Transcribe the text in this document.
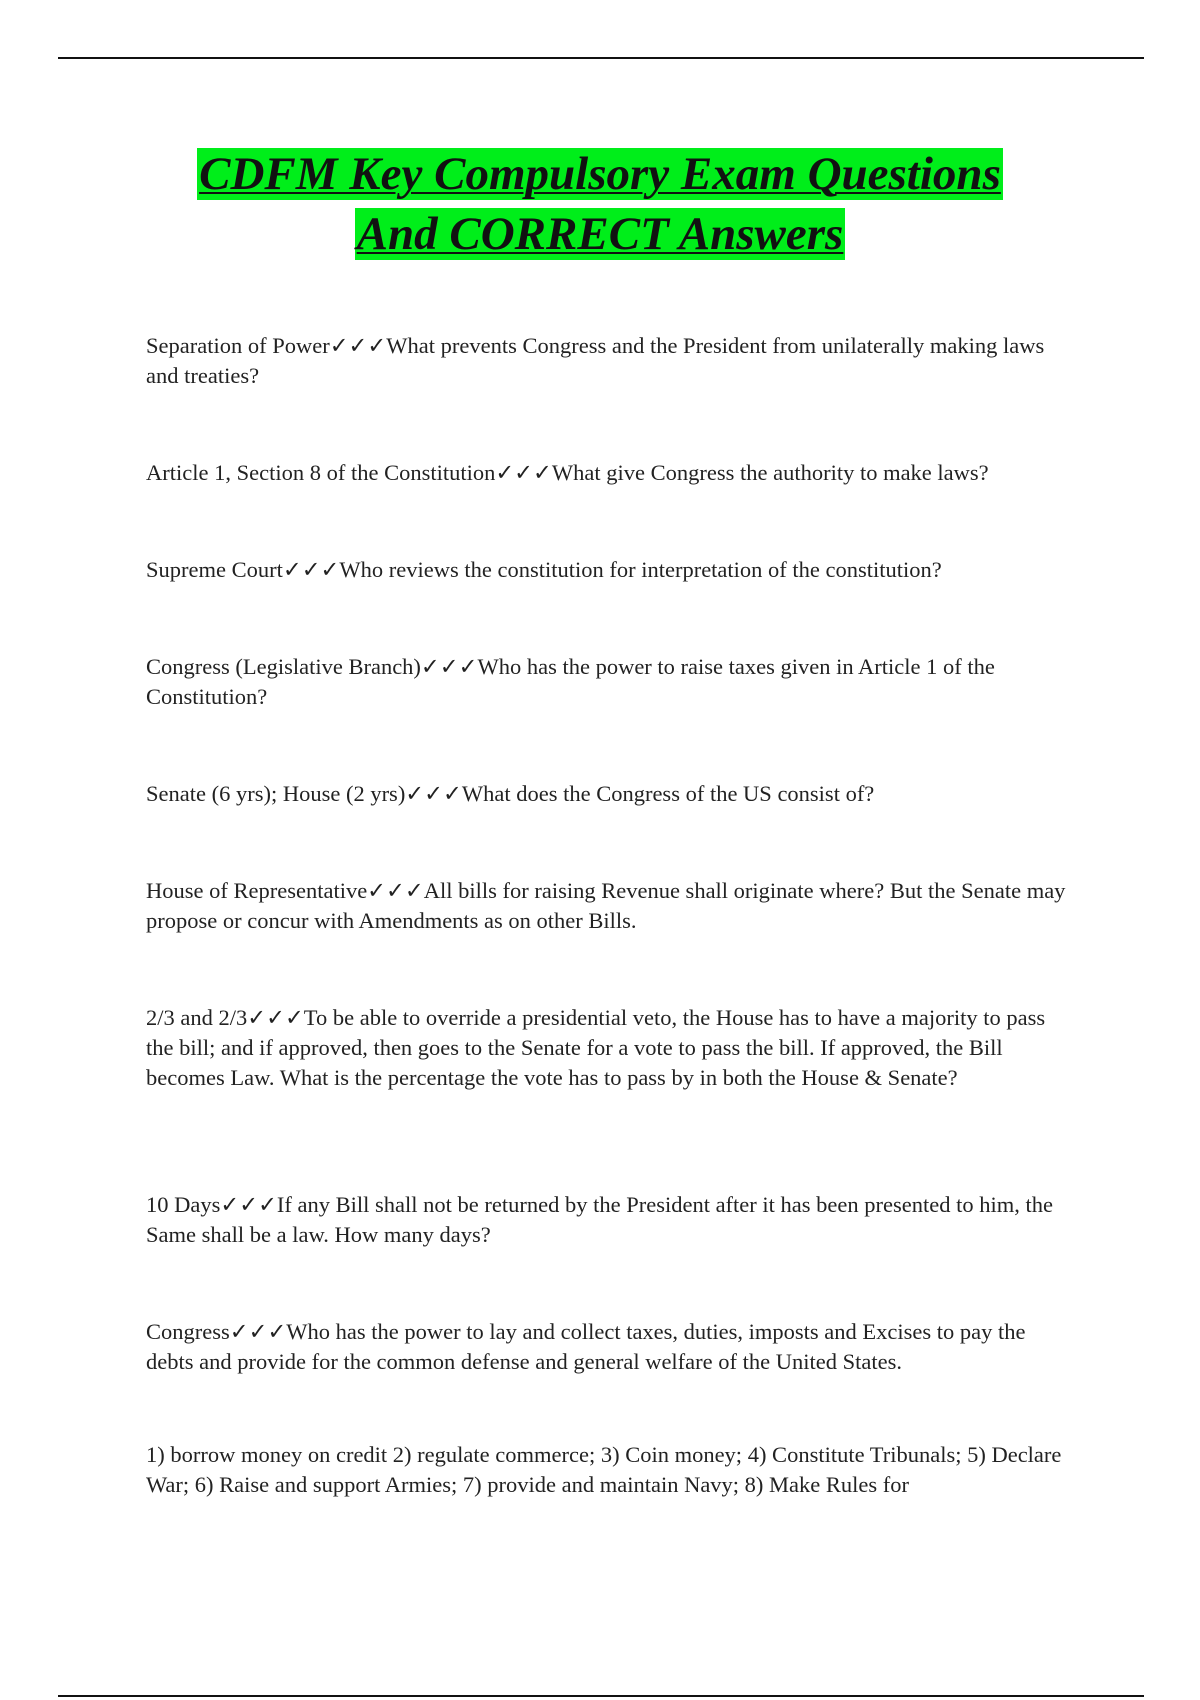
CDFM Key Compulsory Exam Questions
And CORRECT Answers

Separation of Power✓✓✓What prevents Congress and the President from unilaterally making laws and treaties?

Article 1, Section 8 of the Constitution✓✓✓What give Congress the authority to make laws?

Supreme Court✓✓✓Who reviews the constitution for interpretation of the constitution?

Congress (Legislative Branch)✓✓✓Who has the power to raise taxes given in Article 1 of the Constitution?

Senate (6 yrs); House (2 yrs)✓✓✓What does the Congress of the US consist of?

House of Representative✓✓✓All bills for raising Revenue shall originate where? But the Senate may propose or concur with Amendments as on other Bills.

2/3 and 2/3✓✓✓To be able to override a presidential veto, the House has to have a majority to pass the bill; and if approved, then goes to the Senate for a vote to pass the bill. If approved, the Bill becomes Law. What is the percentage the vote has to pass by in both the House & Senate?

10 Days✓✓✓If any Bill shall not be returned by the President after it has been presented to him, the Same shall be a law. How many days?

Congress✓✓✓Who has the power to lay and collect taxes, duties, imposts and Excises to pay the debts and provide for the common defense and general welfare of the United States.

1) borrow money on credit 2) regulate commerce; 3) Coin money; 4) Constitute Tribunals; 5) Declare War; 6) Raise and support Armies; 7) provide and maintain Navy; 8) Make Rules for
